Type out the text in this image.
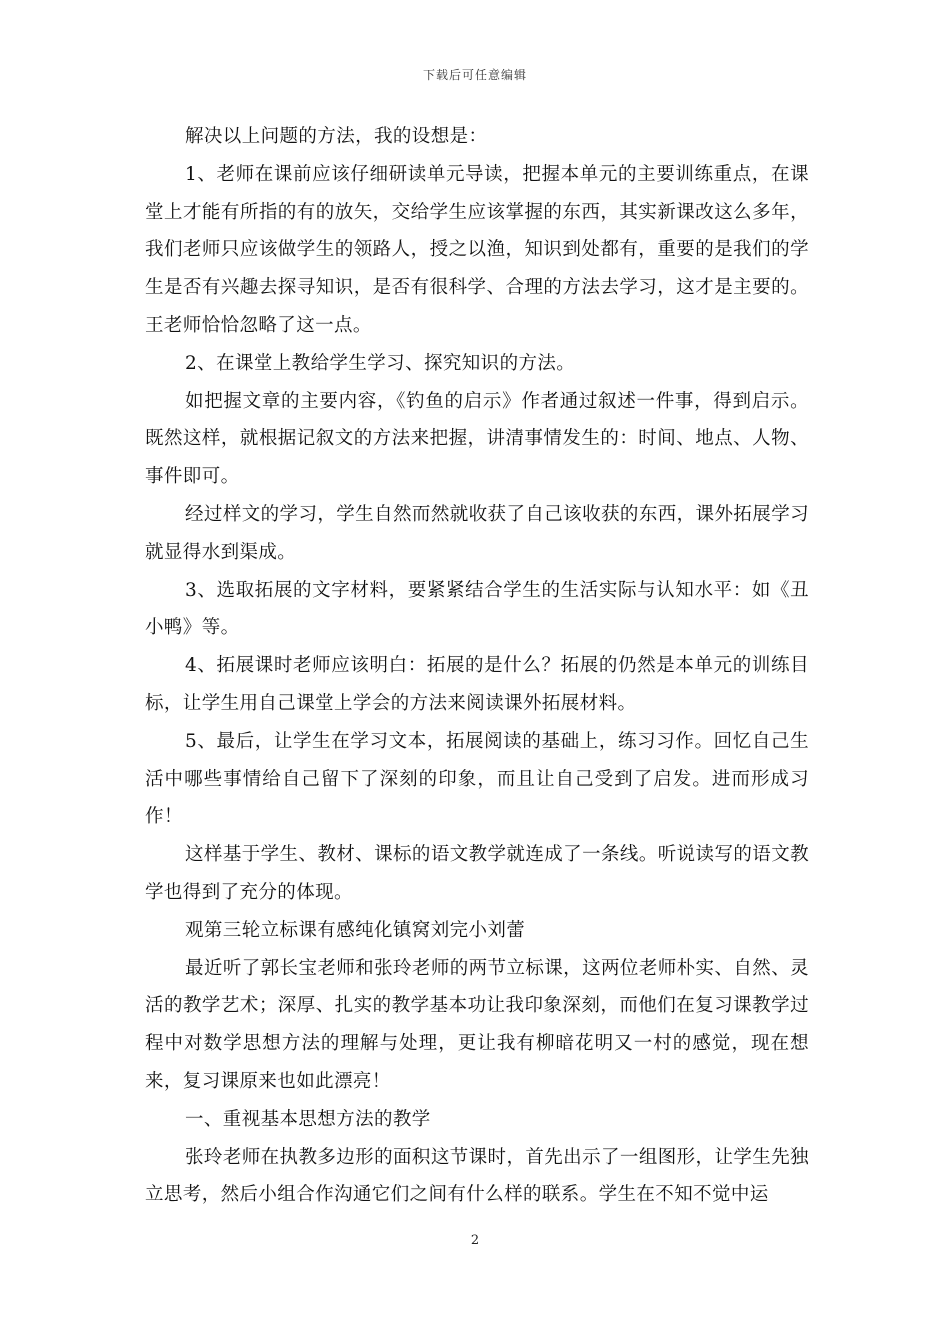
下载后可任意编辑

解决以上问题的方法，我的设想是：

1、老师在课前应该仔细研读单元导读，把握本单元的主要训练重点，在课堂上才能有所指的有的放矢，交给学生应该掌握的东西，其实新课改这么多年，我们老师只应该做学生的领路人，授之以渔，知识到处都有，重要的是我们的学生是否有兴趣去探寻知识，是否有很科学、合理的方法去学习，这才是主要的。王老师恰恰忽略了这一点。

2、在课堂上教给学生学习、探究知识的方法。

如把握文章的主要内容，《钓鱼的启示》作者通过叙述一件事，得到启示。既然这样，就根据记叙文的方法来把握，讲清事情发生的：时间、地点、人物、事件即可。

经过样文的学习，学生自然而然就收获了自己该收获的东西，课外拓展学习就显得水到渠成。

3、选取拓展的文字材料，要紧紧结合学生的生活实际与认知水平：如《丑小鸭》等。

4、拓展课时老师应该明白：拓展的是什么？拓展的仍然是本单元的训练目标，让学生用自己课堂上学会的方法来阅读课外拓展材料。

5、最后，让学生在学习文本，拓展阅读的基础上，练习习作。回忆自己生活中哪些事情给自己留下了深刻的印象，而且让自己受到了启发。进而形成习作！

这样基于学生、教材、课标的语文教学就连成了一条线。听说读写的语文教学也得到了充分的体现。

观第三轮立标课有感纯化镇窝刘完小刘蕾

最近听了郭长宝老师和张玲老师的两节立标课，这两位老师朴实、自然、灵活的教学艺术；深厚、扎实的教学基本功让我印象深刻，而他们在复习课教学过程中对数学思想方法的理解与处理，更让我有柳暗花明又一村的感觉，现在想来，复习课原来也如此漂亮！

一、重视基本思想方法的教学

张玲老师在执教多边形的面积这节课时，首先出示了一组图形，让学生先独立思考，然后小组合作沟通它们之间有什么样的联系。学生在不知不觉中运

2
